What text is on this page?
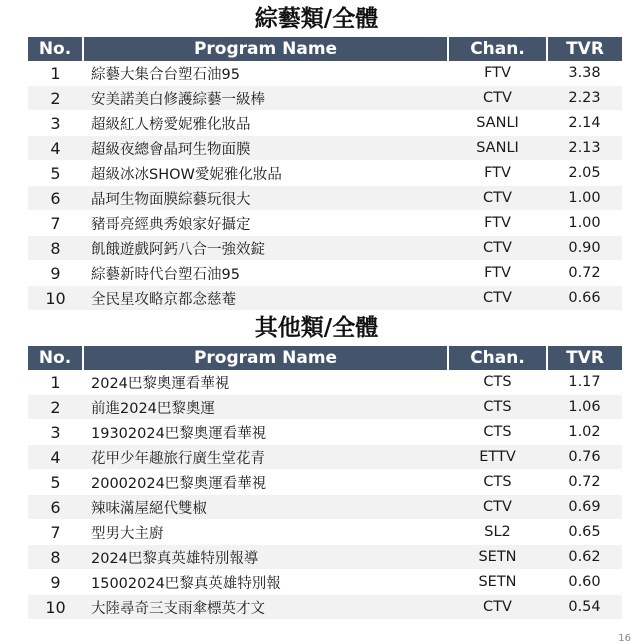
綜藝類/全體
No.	Program Name	Chan.	TVR
1	綜藝大集合台塑石油95	FTV	3.38
2	安美諾美白修護綜藝一級棒	CTV	2.23
3	超級紅人榜愛妮雅化妝品	SANLI	2.14
4	超級夜總會晶珂生物面膜	SANLI	2.13
5	超級冰冰SHOW愛妮雅化妝品	FTV	2.05
6	晶珂生物面膜綜藝玩很大	CTV	1.00
7	豬哥亮經典秀娘家好攝定	FTV	1.00
8	飢餓遊戲阿鈣八合一強效錠	CTV	0.90
9	綜藝新時代台塑石油95	FTV	0.72
10	全民星攻略京都念慈菴	CTV	0.66
其他類/全體
No.	Program Name	Chan.	TVR
1	2024巴黎奧運看華視	CTS	1.17
2	前進2024巴黎奧運	CTS	1.06
3	19302024巴黎奧運看華視	CTS	1.02
4	花甲少年趣旅行廣生堂花青	ETTV	0.76
5	20002024巴黎奧運看華視	CTS	0.72
6	辣味滿屋絕代雙椒	CTV	0.69
7	型男大主廚	SL2	0.65
8	2024巴黎真英雄特別報導	SETN	0.62
9	15002024巴黎真英雄特別報	SETN	0.60
10	大陸尋奇三支雨傘標英才文	CTV	0.54
16
